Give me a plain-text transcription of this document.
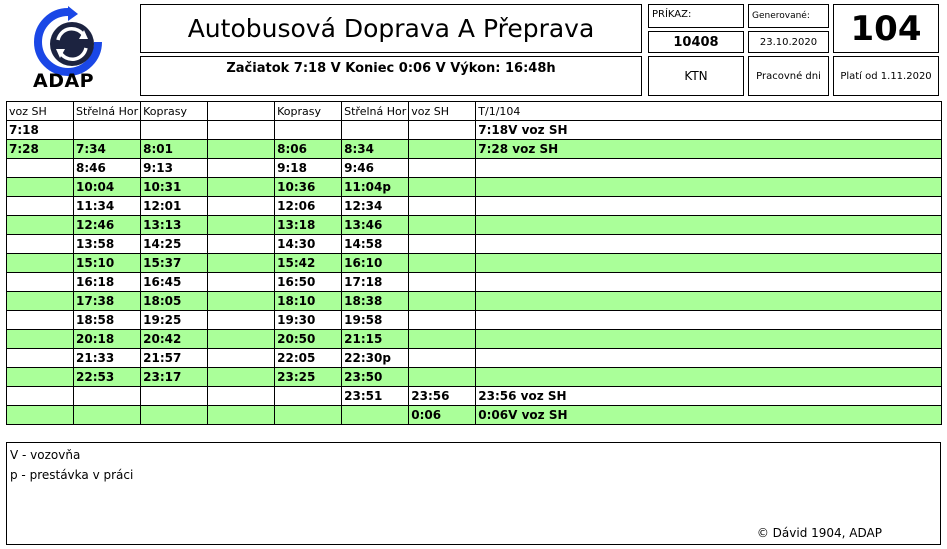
ADAP
Autobusová Doprava A Přeprava
Začiatok 7:18 V Koniec 0:06 V Výkon: 16:48h
PRÍKAZ:
10408
Generované:
23.10.2020 104
KTN	Pracovné dni	Platí od 1.11.2020
voz SH	Střelná Hor	Koprasy		Koprasy	Střelná Hor	voz SH	T/1/104
7:18							7:18V voz SH
7:28	7:34	8:01		8:06	8:34		7:28 voz SH
	8:46	9:13		9:18	9:46		
	10:04	10:31		10:36	11:04p		
	11:34	12:01		12:06	12:34		
	12:46	13:13		13:18	13:46		
	13:58	14:25		14:30	14:58		
	15:10	15:37		15:42	16:10		
	16:18	16:45		16:50	17:18		
	17:38	18:05		18:10	18:38		
	18:58	19:25		19:30	19:58		
	20:18	20:42		20:50	21:15		
	21:33	21:57		22:05	22:30p		
	22:53	23:17		23:25	23:50		
					23:51	23:56	23:56 voz SH
						0:06	0:06V voz SH
V - vozovňa
p - prestávka v práci
© Dávid 1904, ADAP
